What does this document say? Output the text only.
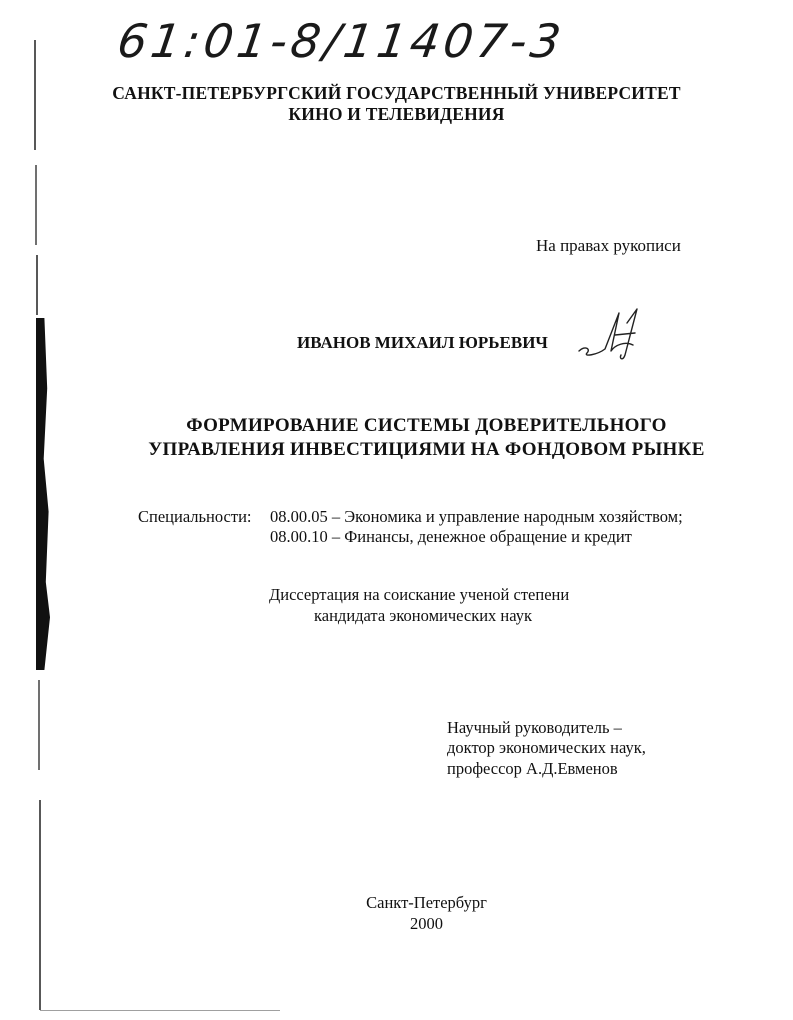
61:01-8/11407-3
САНКТ-ПЕТЕРБУРГСКИЙ ГОСУДАРСТВЕННЫЙ УНИВЕРСИТЕТ
КИНО И ТЕЛЕВИДЕНИЯ
На правах рукописи
ИВАНОВ МИХАИЛ ЮРЬЕВИЧ
ФОРМИРОВАНИЕ СИСТЕМЫ ДОВЕРИТЕЛЬНОГО
УПРАВЛЕНИЯ ИНВЕСТИЦИЯМИ НА ФОНДОВОМ РЫНКЕ
Специальности: 08.00.05 – Экономика и управление народным хозяйством;
08.00.10 – Финансы, денежное обращение и кредит
Диссертация на соискание ученой степени
кандидата экономических наук
Научный руководитель –
доктор экономических наук,
профессор А.Д.Евменов
Санкт-Петербург
2000
